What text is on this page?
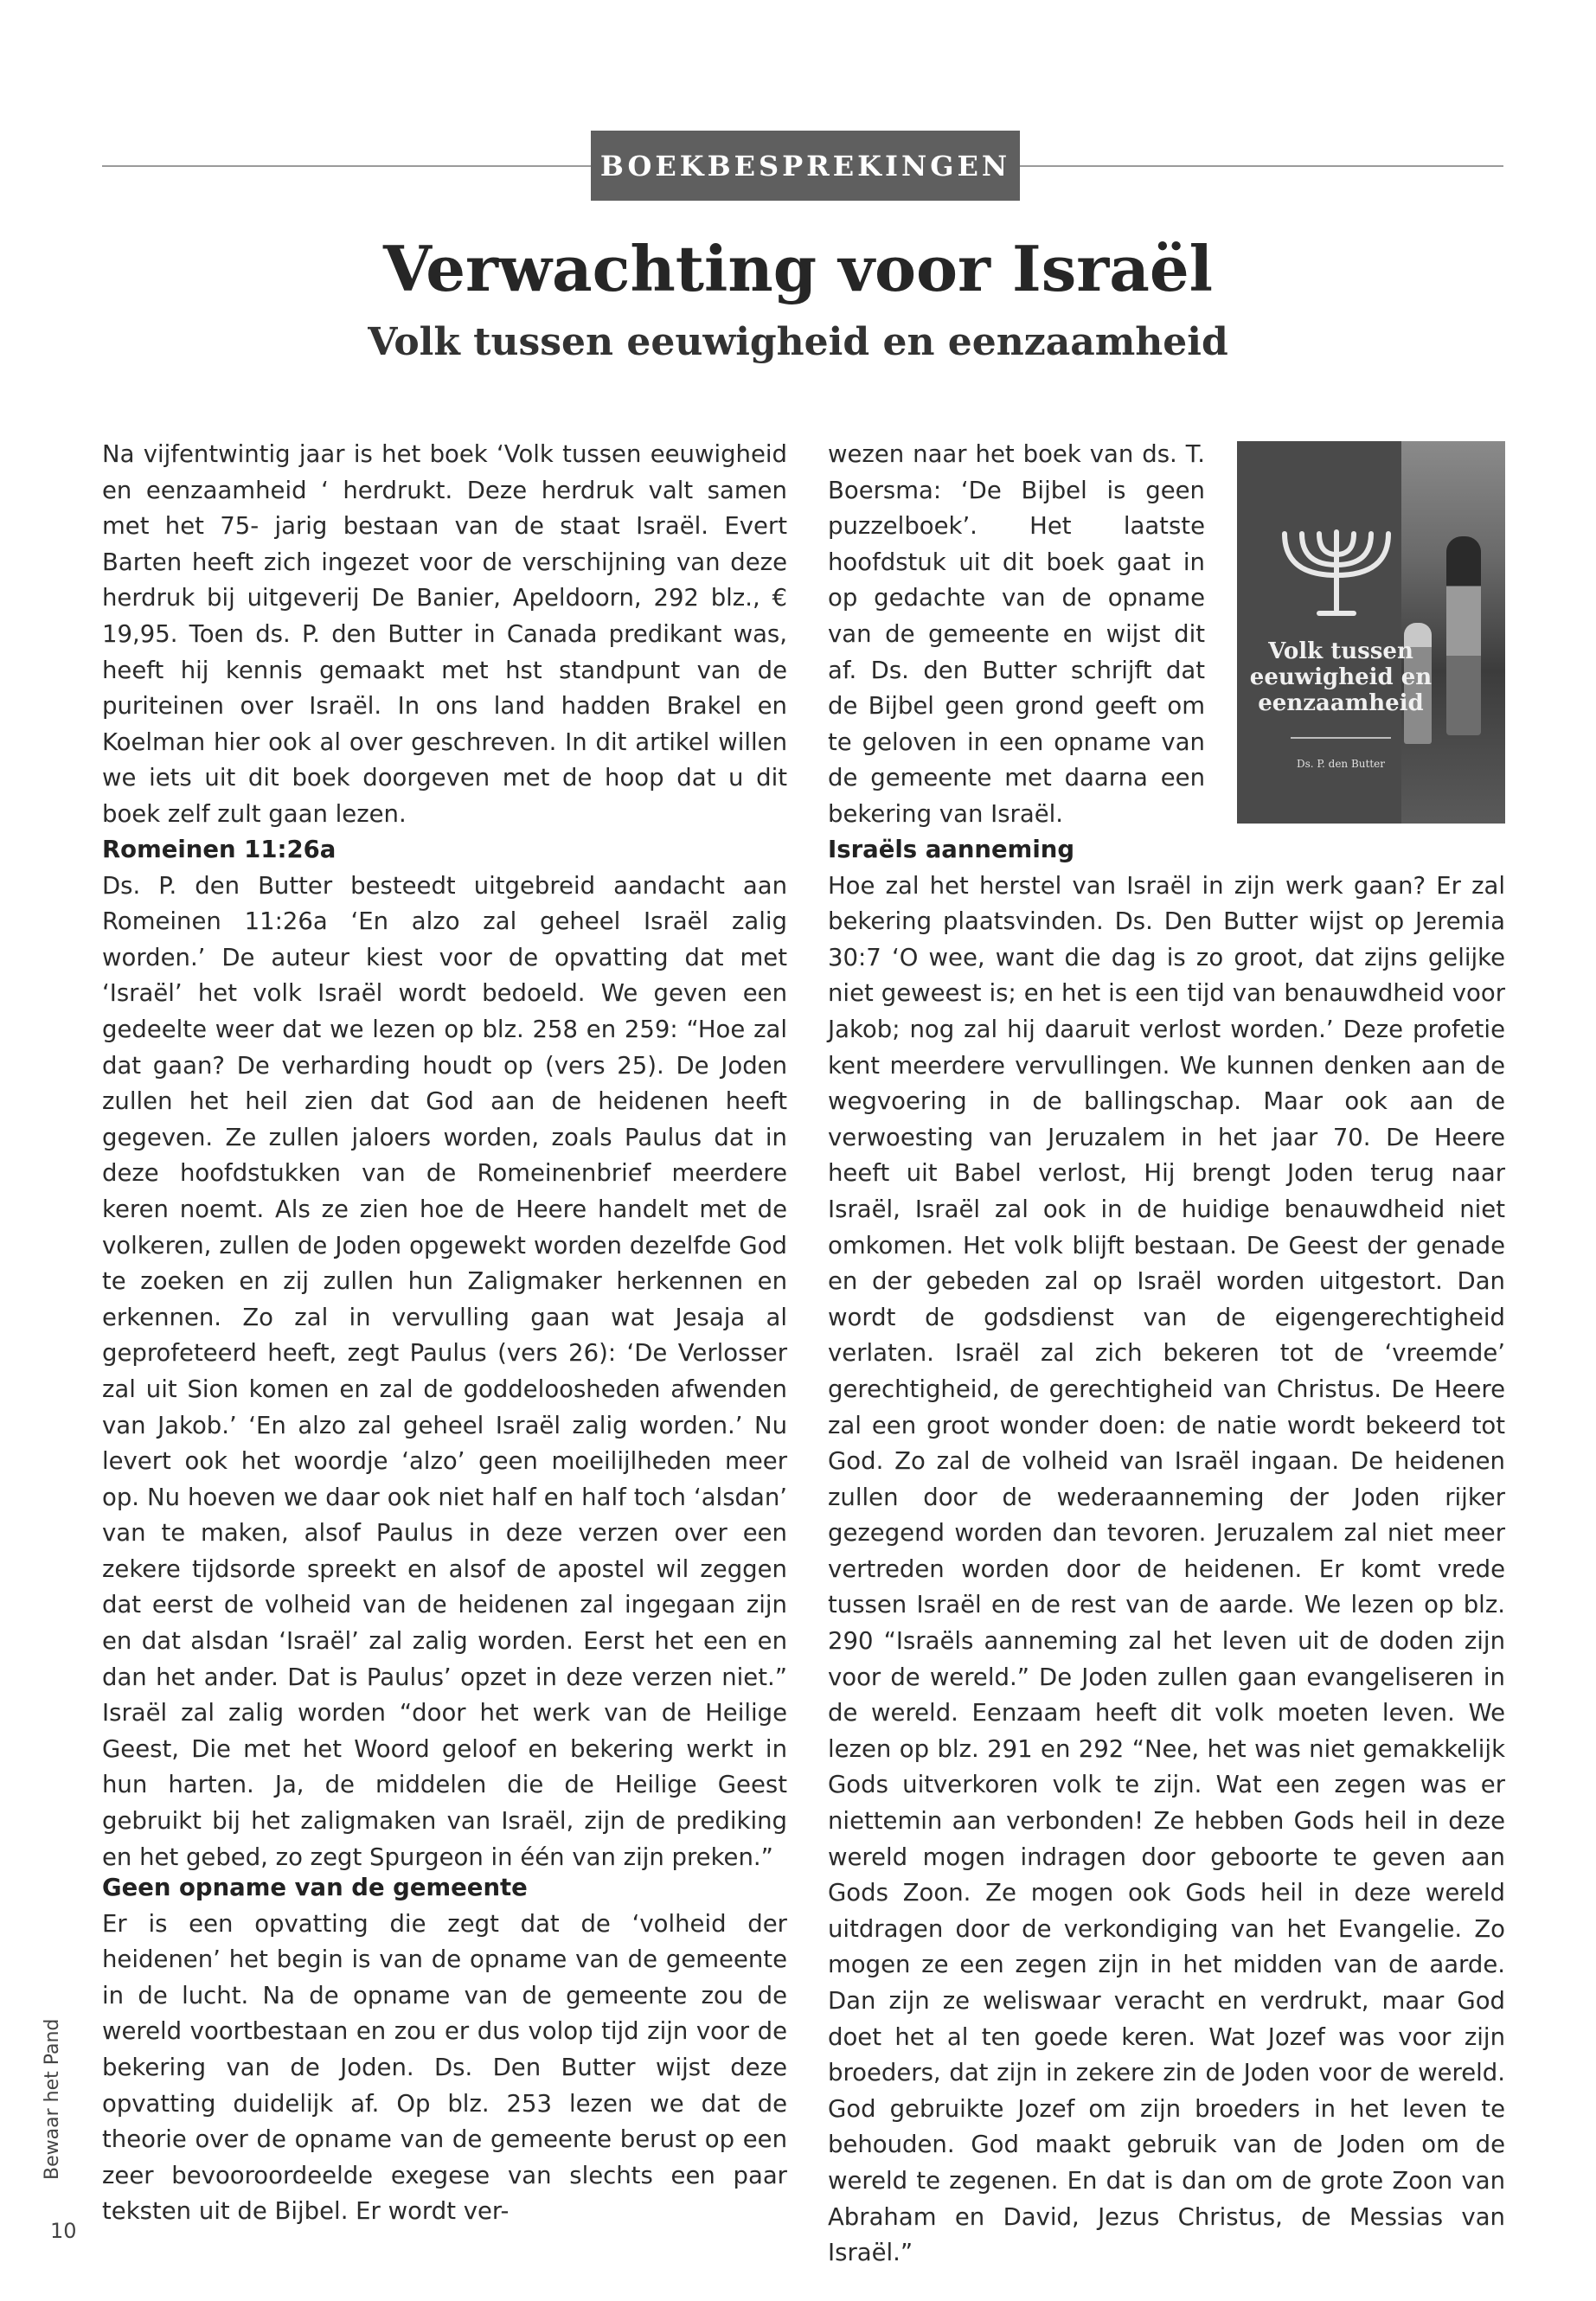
BOEKBESPREKINGEN
Verwachting voor Israël
Volk tussen eeuwigheid en eenzaamheid

Na vijfentwintig jaar is het boek ‘Volk tussen eeuwigheid en eenzaamheid ‘ herdrukt. Deze herdruk valt samen met het 75- jarig bestaan van de staat Israël. Evert Barten heeft zich ingezet voor de verschijning van deze herdruk bij uitgeverij De Banier, Apeldoorn, 292 blz., € 19,95. Toen ds. P. den Butter in Canada predikant was, heeft hij kennis gemaakt met hst standpunt van de puriteinen over Israël. In ons land hadden Brakel en Koelman hier ook al over geschreven. In dit artikel willen we iets uit dit boek doorgeven met de hoop dat u dit boek zelf zult gaan lezen.

wezen naar het boek van ds. T. Boersma: ‘De Bijbel is geen puzzelboek’. Het laatste hoofdstuk uit dit boek gaat in op gedachte van de opname van de gemeente en wijst dit af. Ds. den Butter schrijft dat de Bijbel geen grond geeft om te geloven in een opname van de gemeente met daarna een bekering van Israël.

Volk tussen
eeuwigheid en
eenzaamheid
Ds. P. den Butter
Romeinen 11:26a

Ds. P. den Butter besteedt uitgebreid aandacht aan Romeinen 11:26a ‘En alzo zal geheel Israël zalig worden.’ De auteur kiest voor de opvatting dat met ‘Israël’ het volk Israël wordt bedoeld. We geven een gedeelte weer dat we lezen op blz. 258 en 259: “Hoe zal dat gaan? De verharding houdt op (vers 25). De Joden zullen het heil zien dat God aan de heidenen heeft gegeven. Ze zullen jaloers worden, zoals Paulus dat in deze hoofdstukken van de Romeinenbrief meerdere keren noemt. Als ze zien hoe de Heere handelt met de volkeren, zullen de Joden opgewekt worden dezelfde God te zoeken en zij zullen hun Zaligmaker herkennen en erkennen. Zo zal in vervulling gaan wat Jesaja al geprofeteerd heeft, zegt Paulus (vers 26): ‘De Verlosser zal uit Sion komen en zal de goddeloosheden afwenden van Jakob.’ ‘En alzo zal geheel Israël zalig worden.’ Nu levert ook het woordje ‘alzo’ geen moeilijlheden meer op. Nu hoeven we daar ook niet half en half toch ‘alsdan’ van te maken, alsof Paulus in deze verzen over een zekere tijdsorde spreekt en alsof de apostel wil zeggen dat eerst de volheid van de heidenen zal ingegaan zijn en dat alsdan ‘Israël’ zal zalig worden. Eerst het een en dan het ander. Dat is Paulus’ opzet in deze verzen niet.” Israël zal zalig worden “door het werk van de Heilige Geest, Die met het Woord geloof en bekering werkt in hun harten. Ja, de middelen die de Heilige Geest gebruikt bij het zaligmaken van Israël, zijn de prediking en het gebed, zo zegt Spurgeon in één van zijn preken.”

Geen opname van de gemeente

Er is een opvatting die zegt dat de ‘volheid der heidenen’ het begin is van de opname van de gemeente in de lucht. Na de opname van de gemeente zou de wereld voortbestaan en zou er dus volop tijd zijn voor de bekering van de Joden. Ds. Den Butter wijst deze opvatting duidelijk af. Op blz. 253 lezen we dat de theorie over de opname van de gemeente berust op een zeer bevooroordeelde exegese van slechts een paar teksten uit de Bijbel. Er wordt ver-

Israëls aanneming

Hoe zal het herstel van Israël in zijn werk gaan? Er zal bekering plaatsvinden. Ds. Den Butter wijst op Jeremia 30:7 ‘O wee, want die dag is zo groot, dat zijns gelijke niet geweest is; en het is een tijd van benauwdheid voor Jakob; nog zal hij daaruit verlost worden.’ Deze profetie kent meerdere vervullingen. We kunnen denken aan de wegvoering in de ballingschap. Maar ook aan de verwoesting van Jeruzalem in het jaar 70. De Heere heeft uit Babel verlost, Hij brengt Joden terug naar Israël, Israël zal ook in de huidige benauwdheid niet omkomen. Het volk blijft bestaan. De Geest der genade en der gebeden zal op Israël worden uitgestort. Dan wordt de godsdienst van de eigengerechtigheid verlaten. Israël zal zich bekeren tot de ‘vreemde’ gerechtigheid, de gerechtigheid van Christus. De Heere zal een groot wonder doen: de natie wordt bekeerd tot God. Zo zal de volheid van Israël ingaan. De heidenen zullen door de wederaanneming der Joden rijker gezegend worden dan tevoren. Jeruzalem zal niet meer vertreden worden door de heidenen. Er komt vrede tussen Israël en de rest van de aarde. We lezen op blz. 290 “Israëls aanneming zal het leven uit de doden zijn voor de wereld.” De Joden zullen gaan evangeliseren in de wereld. Eenzaam heeft dit volk moeten leven. We lezen op blz. 291 en 292 “Nee, het was niet gemakkelijk Gods uitverkoren volk te zijn. Wat een zegen was er niettemin aan verbonden! Ze hebben Gods heil in deze wereld mogen indragen door geboorte te geven aan Gods Zoon. Ze mogen ook Gods heil in deze wereld uitdragen door de verkondiging van het Evangelie. Zo mogen ze een zegen zijn in het midden van de aarde. Dan zijn ze weliswaar veracht en verdrukt, maar God doet het al ten goede keren. Wat Jozef was voor zijn broeders, dat zijn in zekere zin de Joden voor de wereld. God gebruikte Jozef om zijn broeders in het leven te behouden. God maakt gebruik van de Joden om de wereld te zegenen. En dat is dan om de grote Zoon van Abraham en David, Jezus Christus, de Messias van Israël.”

Bewaar het Pand
10
